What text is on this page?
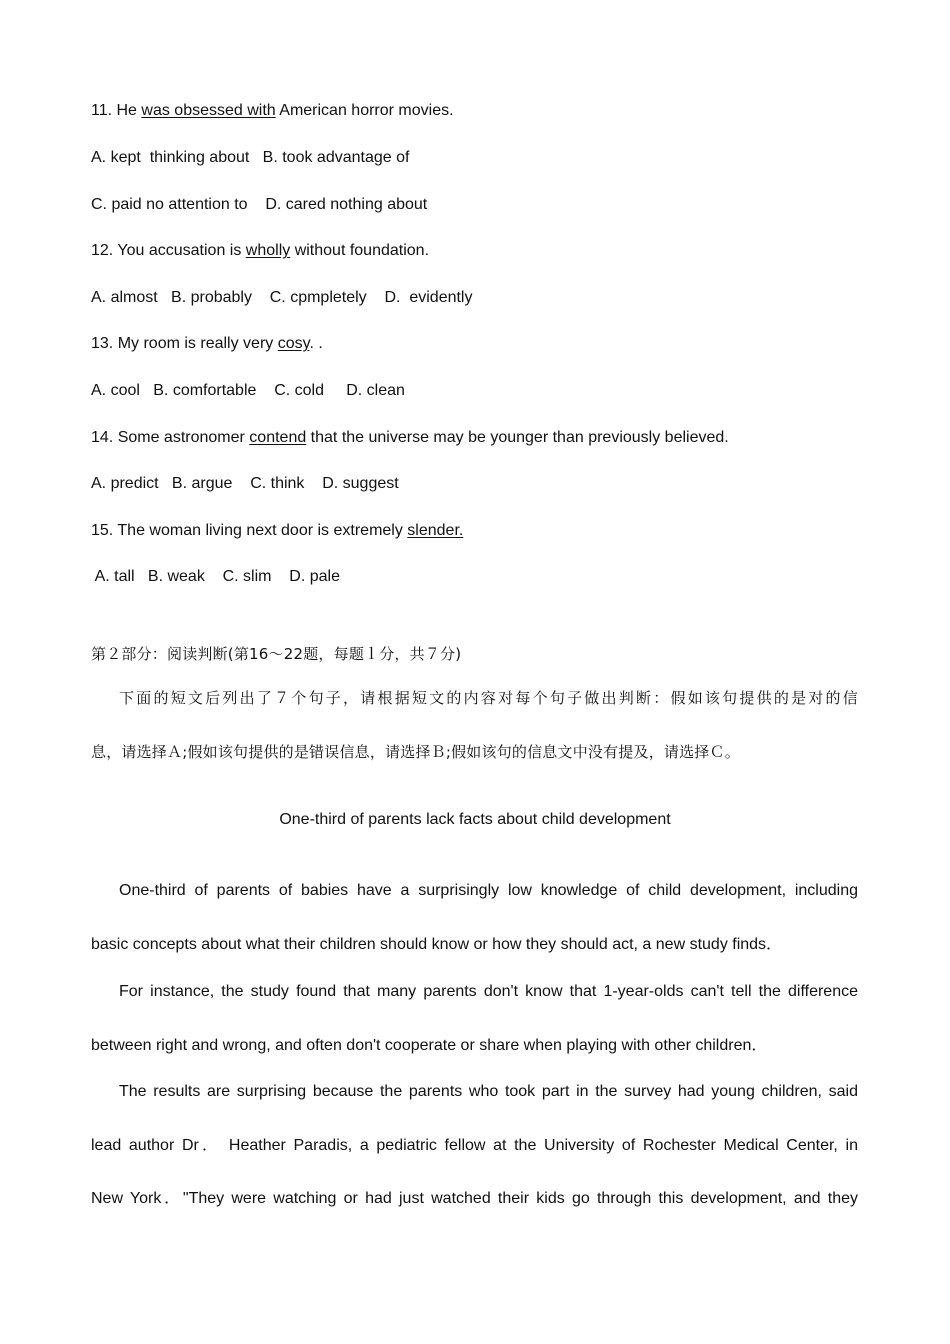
11. He was obsessed with American horror movies.
A. kept  thinking about   B. took advantage of
C. paid no attention to    D. cared nothing about
12. You accusation is wholly without foundation.
A. almost   B. probably    C. cpmpletely    D.  evidently
13. My room is really very cosy. .
A. cool   B. comfortable    C. cold     D. clean
14. Some astronomer contend that the universe may be younger than previously believed.
A. predict   B. argue    C. think    D. suggest
15. The woman living next door is extremely slender.
A. tall   B. weak    C. slim    D. pale
第２部分：阅读判断(第16～22题，每题ｌ分，共７分)
下面的短文后列出了７个句子，请根据短文的内容对每个句子做出判断：假如该句提供的是对的信
息，请选择Ａ;假如该句提供的是错误信息，请选择Ｂ;假如该句的信息文中没有提及，请选择Ｃ。
One-third of parents lack facts about child development
One-third of parents of babies have a surprisingly low knowledge of child development, including
basic concepts about what their children should know or how they should act, a new study finds．
For instance, the study found that many parents don't know that 1-year-olds can't tell the difference
between right and wrong, and often don't cooperate or share when playing with other children．
The results are surprising because the parents who took part in the survey had young children, said
lead author Dr． Heather Paradis, a pediatric fellow at the University of Rochester Medical Center, in
New York．"They were watching or had just watched their kids go through this development, and they
